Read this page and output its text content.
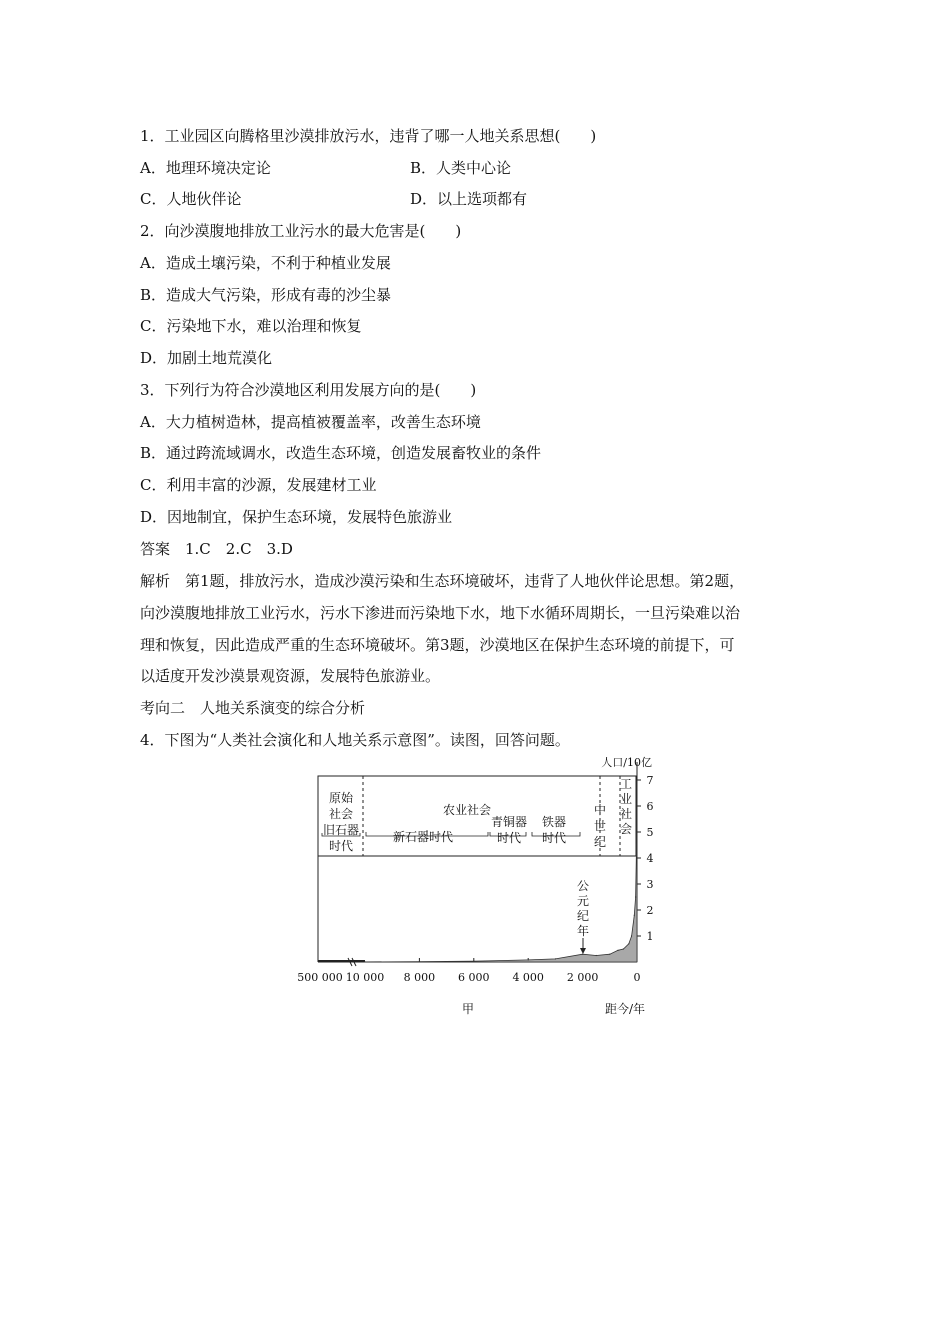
1．工业园区向腾格里沙漠排放污水，违背了哪一人地关系思想(　　)
A．地理环境决定论	B．人类中心论
C．人地伙伴论	D．以上选项都有
2．向沙漠腹地排放工业污水的最大危害是(　　)
A．造成土壤污染，不利于种植业发展
B．造成大气污染，形成有毒的沙尘暴
C．污染地下水，难以治理和恢复
D．加剧土地荒漠化
3．下列行为符合沙漠地区利用发展方向的是(　　)
A．大力植树造林，提高植被覆盖率，改善生态环境
B．通过跨流域调水，改造生态环境，创造发展畜牧业的条件
C．利用丰富的沙源，发展建材工业
D．因地制宜，保护生态环境，发展特色旅游业
答案　1.C　2.C　3.D
解析　第1题，排放污水，造成沙漠污染和生态环境破坏，违背了人地伙伴论思想。第2题，
向沙漠腹地排放工业污水，污水下渗进而污染地下水，地下水循环周期长，一旦污染难以治
理和恢复，因此造成严重的生态环境破坏。第3题，沙漠地区在保护生态环境的前提下，可
以适度开发沙漠景观资源，发展特色旅游业。
考向二　人地关系演变的综合分析
4．下图为“人类社会演化和人地关系示意图”。读图，回答问题。
原始
社会
旧石器
时代
农业社会
新石器时代
青铜器
时代
铁器
时代
中
世
纪
工
业
社
会
人口/10亿
公
元
纪
年
500 000 10 000
甲	距今/年
1
2
3
4
5
6
7
8 000 6 000 4 000 2 000	0
